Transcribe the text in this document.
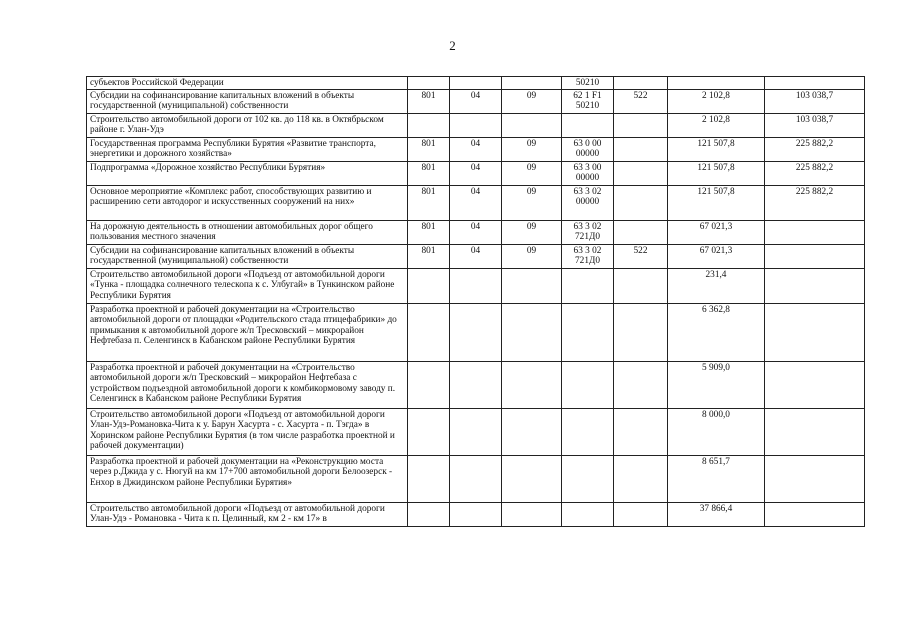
2
субъектов Российской Федерации				50210			
Субсидии на софинансирование капитальных вложений в объекты государственной (муниципальной) собственности	801	04	09	62 1 F1 50210	522	2 102,8	103 038,7
Строительство автомобильной дороги от 102 кв. до 118 кв. в Октябрьском районе г. Улан-Удэ						2 102,8	103 038,7
Государственная программа Республики Бурятия «Развитие транспорта, энергетики и дорожного хозяйства»	801	04	09	63 0 00 00000		121 507,8	225 882,2
Подпрограмма «Дорожное хозяйство Республики Бурятия»	801	04	09	63 3 00 00000		121 507,8	225 882,2
Основное мероприятие «Комплекс работ, способствующих развитию и расширению сети автодорог и искусственных сооружений на них»	801	04	09	63 3 02 00000		121 507,8	225 882,2
На дорожную деятельность в отношении автомобильных дорог общего пользования местного значения	801	04	09	63 3 02 721Д0		67 021,3	
Субсидии на софинансирование капитальных вложений в объекты государственной (муниципальной) собственности	801	04	09	63 3 02 721Д0	522	67 021,3	
Строительство автомобильной дороги «Подъезд от автомобильной дороги «Тунка - площадка солнечного телескопа к с. Улбугай» в Тункинском районе Республики Бурятия						231,4	
Разработка проектной и рабочей документации на «Строительство автомобильной дороги от площадки «Родительского стада птицефабрики» до примыкания к автомобильной дороге ж/п Тресковский – микрорайон Нефтебаза п. Селенгинск в Кабанском районе Республики Бурятия						6 362,8	
Разработка проектной и рабочей документации на «Строительство автомобильной дороги ж/п Тресковский – микрорайон Нефтебаза с устройством подъездной автомобильной дороги к комбикормовому заводу п. Селенгинск в Кабанском районе Республики Бурятия						5 909,0	
Строительство автомобильной дороги «Подъезд от автомобильной дороги Улан-Удэ-Романовка-Чита к у. Барун Хасурта - с. Хасурта - п. Тэгда» в Хоринском районе Республики Бурятия (в том числе разработка проектной и рабочей документации)						8 000,0	
Разработка проектной и рабочей документации на «Реконструкцию моста через р.Джида у с. Нюгуй на км 17+700 автомобильной дороги Белоозерск - Енхор в Джидинском районе Республики Бурятия»						8 651,7	
Строительство автомобильной дороги «Подъезд от автомобильной дороги Улан-Удэ - Романовка - Чита к п. Целинный, км 2 - км 17» в						37 866,4	
